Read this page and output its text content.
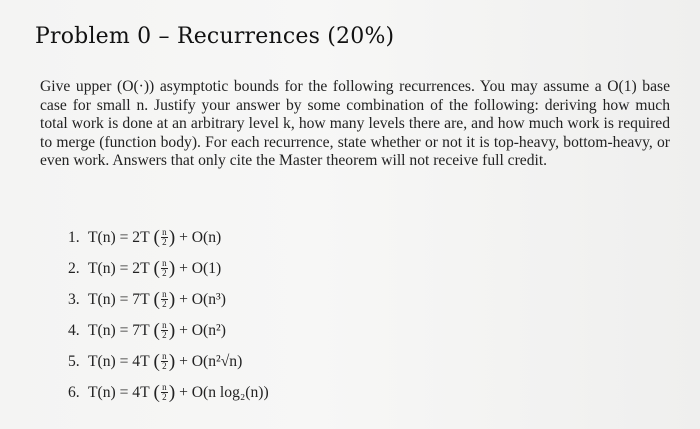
Problem 0 – Recurrences (20%)

Give upper (O(·)) asymptotic bounds for the following recurrences. You may assume a O(1) base case for small n. Justify your answer by some combination of the following: deriving how much total work is done at an arbitrary level k, how many levels there are, and how much work is required to merge (function body). For each recurrence, state whether or not it is top-heavy, bottom-heavy, or even work. Answers that only cite the Master theorem will not receive full credit.

1. T(n) = 2T
( $\frac{n}{2}$ )
+ O(n)
2. T(n) = 2T
( $\frac{n}{2}$ )
+ O(1)
3. T(n) = 7T
( $\frac{n}{2}$ )
+ O(n³)
4. T(n) = 7T
( $\frac{n}{2}$ )
+ O(n²)
5. T(n) = 4T
( $\frac{n}{2}$ )
+ O(n²√n)
6. T(n) = 4T
( $\frac{n}{2}$ )
+ O(n log₂(n))
